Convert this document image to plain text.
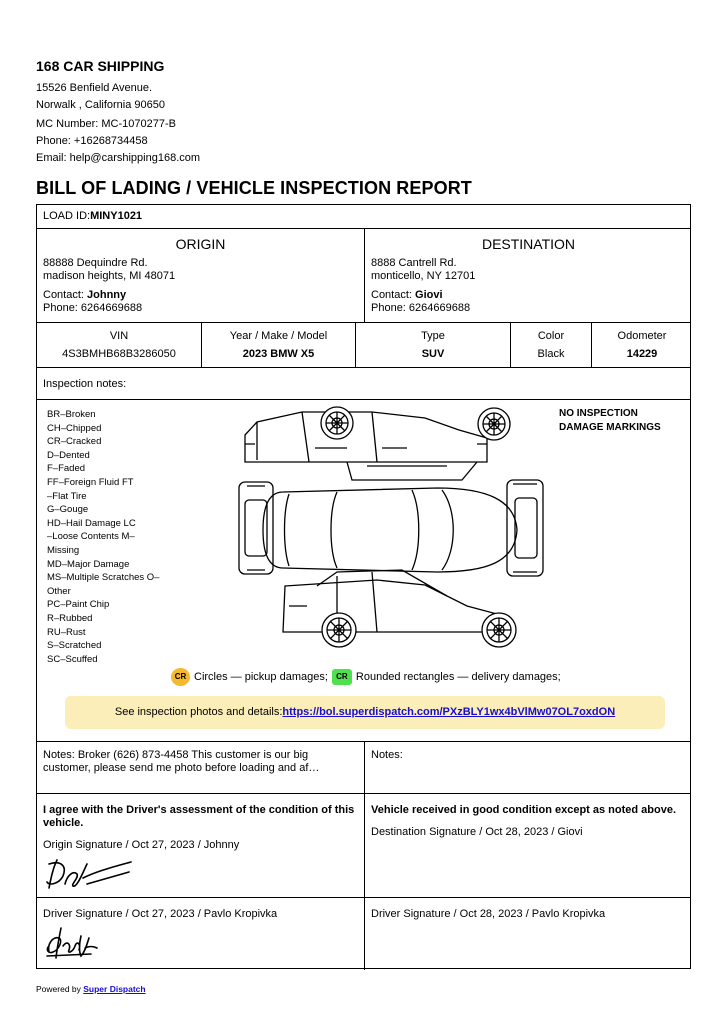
168 CAR SHIPPING
15526 Benfield Avenue.
Norwalk , California 90650
MC Number: MC-1070277-B
Phone: +16268734458
Email: help@carshipping168.com
BILL OF LADING / VEHICLE INSPECTION REPORT
LOAD ID:MINY1021
ORIGIN
88888 Dequindre Rd.
madison heights, MI 48071
Contact: Johnny
Phone: 6264669688
DESTINATION
8888 Cantrell Rd.
monticello, NY 12701
Contact: Giovi
Phone: 6264669688
VIN
4S3BMHB68B3286050
Year / Make / Model
2023 BMW X5
Type
SUV
Color
Black
Odometer
14229
Inspection notes:
BR–Broken
CH–Chipped
CR–Cracked
D–Dented
F–Faded
FF–Foreign Fluid FT
–Flat Tire
G–Gouge
HD–Hail Damage LC
–Loose Contents M–
Missing
MD–Major Damage
MS–Multiple Scratches O–
Other
PC–Paint Chip
R–Rubbed
RU–Rust
S–Scratched
SC–Scuffed
NO INSPECTION
DAMAGE MARKINGS
CR Circles — pickup damages;	CR Rounded rectangles — delivery damages;
See inspection photos and details:https://bol.superdispatch.com/PXzBLY1wx4bVlMw07OL7oxdON
Notes: Broker (626) 873-4458 This customer is our big customer, please send me photo before loading and af…
Notes:
I agree with the Driver's assessment of the condition of this vehicle.
Origin Signature / Oct 27, 2023 / Johnny
Vehicle received in good condition except as noted above.
Destination Signature / Oct 28, 2023 / Giovi
Driver Signature / Oct 27, 2023 / Pavlo Kropivka	Driver Signature / Oct 28, 2023 / Pavlo Kropivka
Powered by Super Dispatch
